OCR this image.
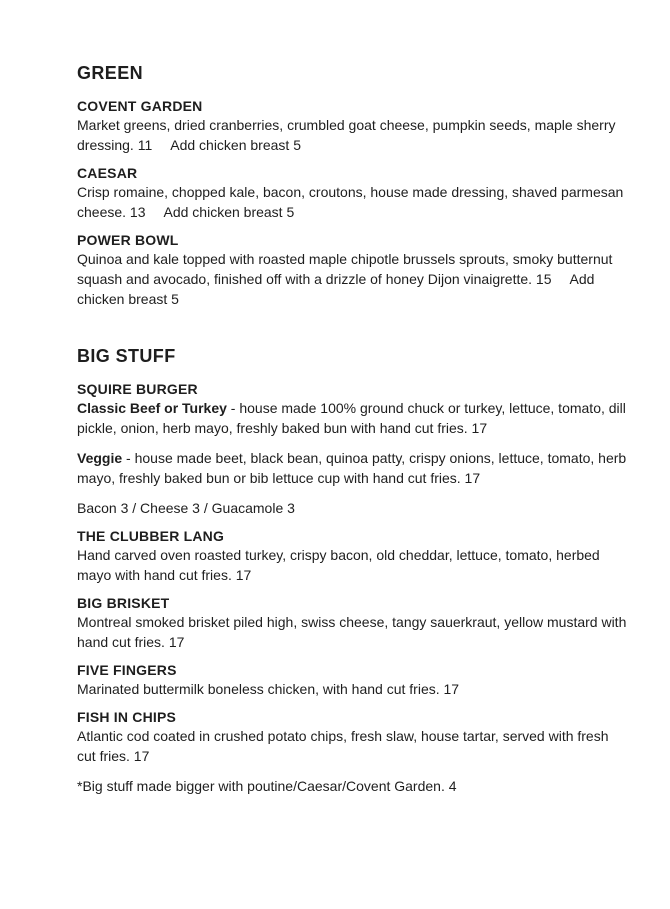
GREEN
COVENT GARDEN
Market greens, dried cranberries, crumbled goat cheese, pumpkin seeds, maple sherry dressing. 11 Add chicken breast 5
CAESAR
Crisp romaine, chopped kale, bacon, croutons, house made dressing, shaved parmesan cheese. 13 Add chicken breast 5
POWER BOWL
Quinoa and kale topped with roasted maple chipotle brussels sprouts, smoky butternut squash and avocado, finished off with a drizzle of honey Dijon vinaigrette. 15 Add chicken breast 5
BIG STUFF
SQUIRE BURGER
Classic Beef or Turkey - house made 100% ground chuck or turkey, lettuce, tomato, dill pickle, onion, herb mayo, freshly baked bun with hand cut fries. 17
Veggie - house made beet, black bean, quinoa patty, crispy onions, lettuce, tomato, herb mayo, freshly baked bun or bib lettuce cup with hand cut fries. 17
Bacon 3 / Cheese 3 / Guacamole 3
THE CLUBBER LANG
Hand carved oven roasted turkey, crispy bacon, old cheddar, lettuce, tomato, herbed mayo with hand cut fries. 17
BIG BRISKET
Montreal smoked brisket piled high, swiss cheese, tangy sauerkraut, yellow mustard with hand cut fries. 17
FIVE FINGERS
Marinated buttermilk boneless chicken, with hand cut fries. 17
FISH IN CHIPS
Atlantic cod coated in crushed potato chips, fresh slaw, house tartar, served with fresh cut fries. 17
*Big stuff made bigger with poutine/Caesar/Covent Garden. 4
